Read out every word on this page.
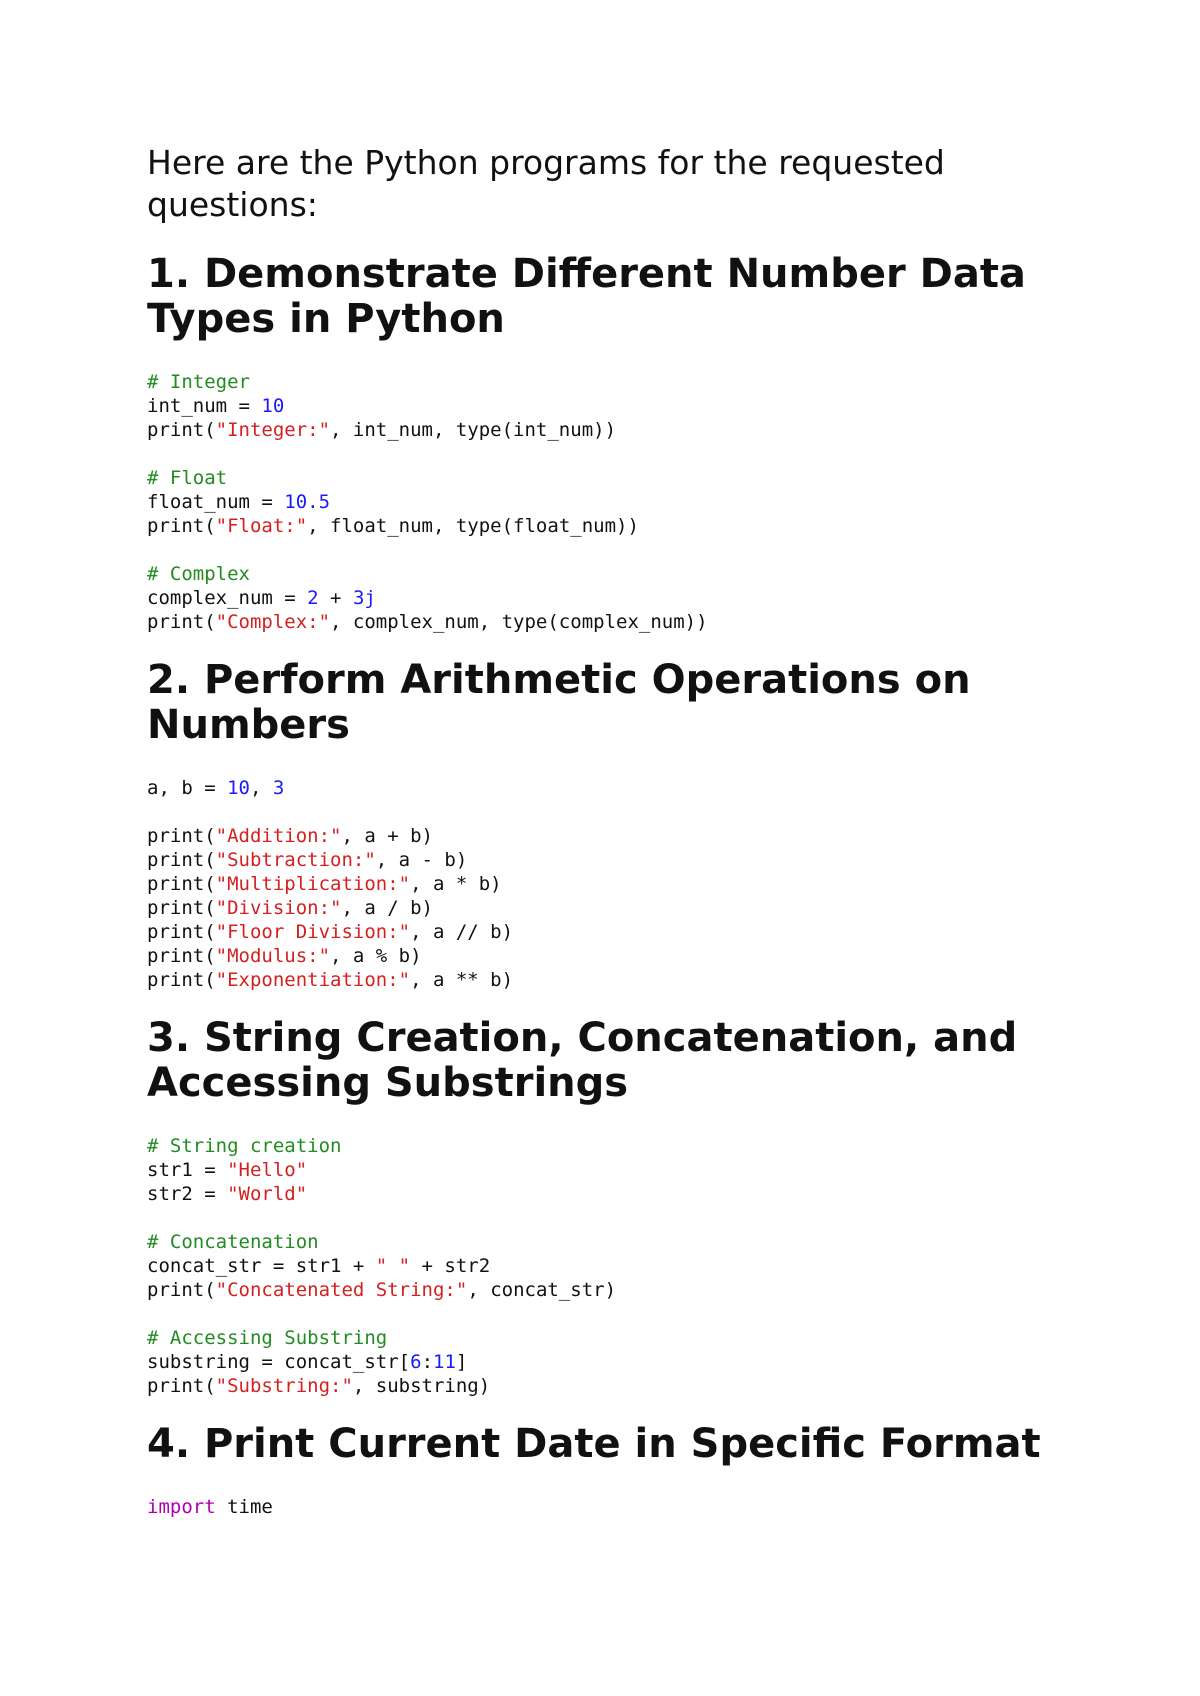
Here are the Python programs for the requested questions:

1. Demonstrate Different Number Data Types in Python
# Integer
int_num = 10
print("Integer:", int_num, type(int_num))
# Float
float_num = 10.5
print("Float:", float_num, type(float_num))
# Complex
complex_num = 2 + 3j
print("Complex:", complex_num, type(complex_num))
2. Perform Arithmetic Operations on Numbers
a, b = 10, 3
print("Addition:", a + b)
print("Subtraction:", a - b)
print("Multiplication:", a * b)
print("Division:", a / b)
print("Floor Division:", a // b)
print("Modulus:", a % b)
print("Exponentiation:", a ** b)
3. String Creation, Concatenation, and Accessing Substrings
# String creation
str1 = "Hello"
str2 = "World"
# Concatenation
concat_str = str1 + " " + str2
print("Concatenated String:", concat_str)
# Accessing Substring
substring = concat_str[6:11]
print("Substring:", substring)
4. Print Current Date in Specific Format
import time
